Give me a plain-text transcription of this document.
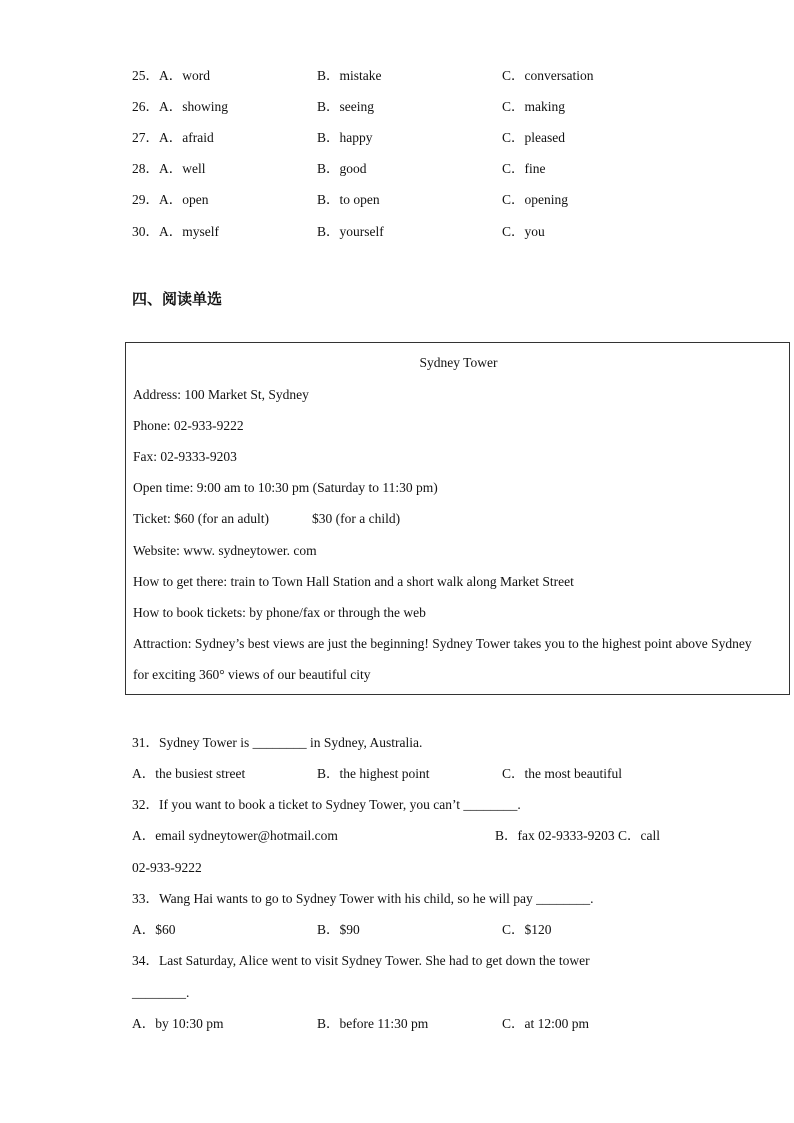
25．A．word	B．mistake	C．conversation
26．A．showing	B．seeing	C．making
27．A．afraid	B．happy	C．pleased
28．A．well	B．good	C．fine
29．A．open	B．to open	C．opening
30．A．myself	B．yourself	C．you
四、阅读单选
Sydney Tower
Address: 100 Market St, Sydney
Phone: 02-933-9222
Fax: 02-9333-9203
Open time: 9:00 am to 10:30 pm (Saturday to 11:30 pm)
Ticket: $60 (for an adult)	$30 (for a child)
Website: www. sydneytower. com
How to get there: train to Town Hall Station and a short walk along Market Street
How to book tickets: by phone/fax or through the web
Attraction: Sydney’s best views are just the beginning! Sydney Tower takes you to the highest point above Sydney
for exciting 360° views of our beautiful city
31．Sydney Tower is ________ in Sydney, Australia.
A．the busiest street	B．the highest point	C．the most beautiful
32．If you want to book a ticket to Sydney Tower, you can’t ________.
A．email sydneytower@hotmail.com	B．fax 02-9333-9203 C．call
02-933-9222
33．Wang Hai wants to go to Sydney Tower with his child, so he will pay ________.
A．$60	B．$90	C．$120
34．Last Saturday, Alice went to visit Sydney Tower. She had to get down the tower
________.
A．by 10:30 pm	B．before 11:30 pm	C．at 12:00 pm
